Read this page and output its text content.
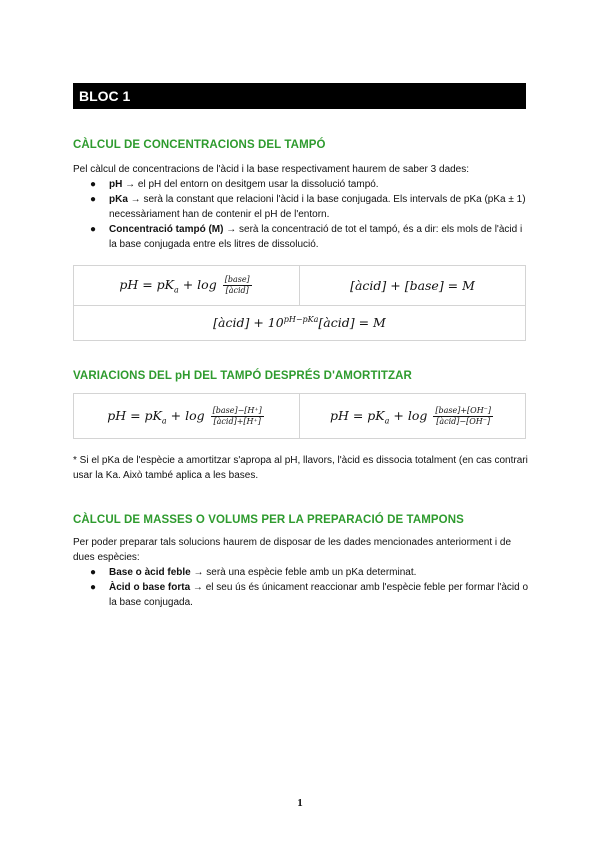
BLOC 1
CÀLCUL DE CONCENTRACIONS DEL TAMPÓ
Pel càlcul de concentracions de l'àcid i la base respectivament haurem de saber 3 dades:
● pH → el pH del entorn on desitgem usar la dissolució tampó.
● pKa → serà la constant que relacioni l'àcid i la base conjugada. Els intervals de pKa (pKa ± 1) necessàriament han de contenir el pH de l'entorn.
● Concentració tampó (M) → serà la concentració de tot el tampó, és a dir: els mols de l'àcid i la base conjugada entre els litres de dissolució.
pH = $pK_a + \log \frac{\text{[base]}}{\text{[àcid]}}$	[àcid] + [base] = M
[àcid] + $10^{pH-pKa}[àcid] = M$
VARIACIONS DEL pH DEL TAMPÓ DESPRÉS D'AMORTITZAR
pH = $pK_a + \log \frac{\text{[base]−[H⁺]}}{\text{[àcid]+[H⁺]}}$	pH = $pK_a + \log \frac{\text{[base]+[OH⁻]}}{\text{[àcid]−[OH⁻]}}$
* Si el pKa de l'espècie a amortitzar s'apropa al pH, llavors, l'àcid es dissocia totalment (en cas contrari usar la Ka. Això també aplica a les bases.
CÀLCUL DE MASSES O VOLUMS PER LA PREPARACIÓ DE TAMPONS
Per poder preparar tals solucions haurem de disposar de les dades mencionades anteriorment i de dues espècies:
● Base o àcid feble → serà una espècie feble amb un pKa determinat.
● Àcid o base forta → el seu ús és únicament reaccionar amb l'espècie feble per formar l'àcid o la base conjugada.
1
